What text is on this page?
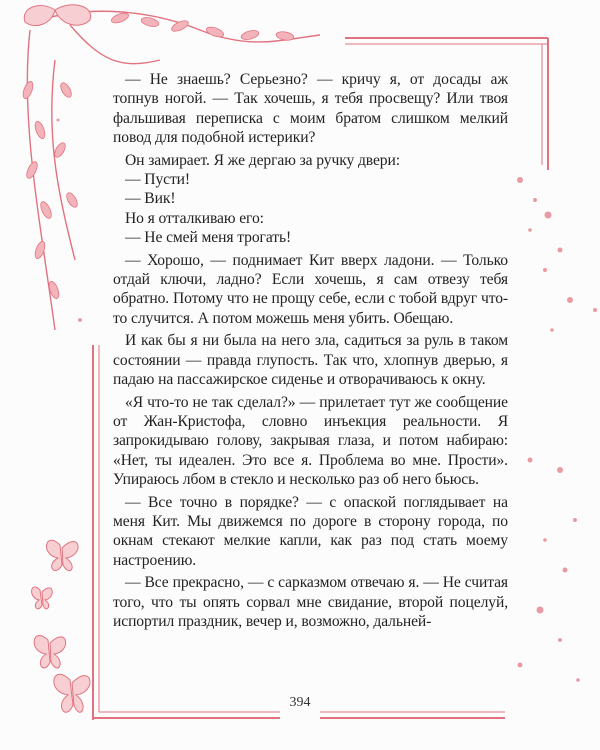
— Не знаешь? Серьезно? — кричу я, от досады аж топнув ногой. — Так хочешь, я тебя просвещу? Или твоя фальшивая переписка с моим братом слишком мелкий повод для подобной истерики?

Он замирает. Я же дергаю за ручку двери:

— Пусти!

— Вик!

Но я отталкиваю его:

— Не смей меня трогать!

— Хорошо, — поднимает Кит вверх ладони. — Только отдай ключи, ладно? Если хочешь, я сам отвезу тебя обратно. Потому что не прощу себе, если с тобой вдруг что-то случится. А потом можешь меня убить. Обещаю.

И как бы я ни была на него зла, садиться за руль в таком состоянии — правда глупость. Так что, хлопнув дверью, я падаю на пассажирское сиденье и отворачиваюсь к окну.

«Я что-то не так сделал?» — прилетает тут же сообщение от Жан-Кристофа, словно инъекция реальности. Я запрокидываю голову, закрывая глаза, и потом набираю: «Нет, ты идеален. Это все я. Проблема во мне. Прости». Упираюсь лбом в стекло и несколько раз об него бьюсь.

— Все точно в порядке? — с опаской поглядывает на меня Кит. Мы движемся по дороге в сторону города, по окнам стекают мелкие капли, как раз под стать моему настроению.

— Все прекрасно, — с сарказмом отвечаю я. — Не считая того, что ты опять сорвал мне свидание, второй поцелуй, испортил праздник, вечер и, возможно, дальней-

394
